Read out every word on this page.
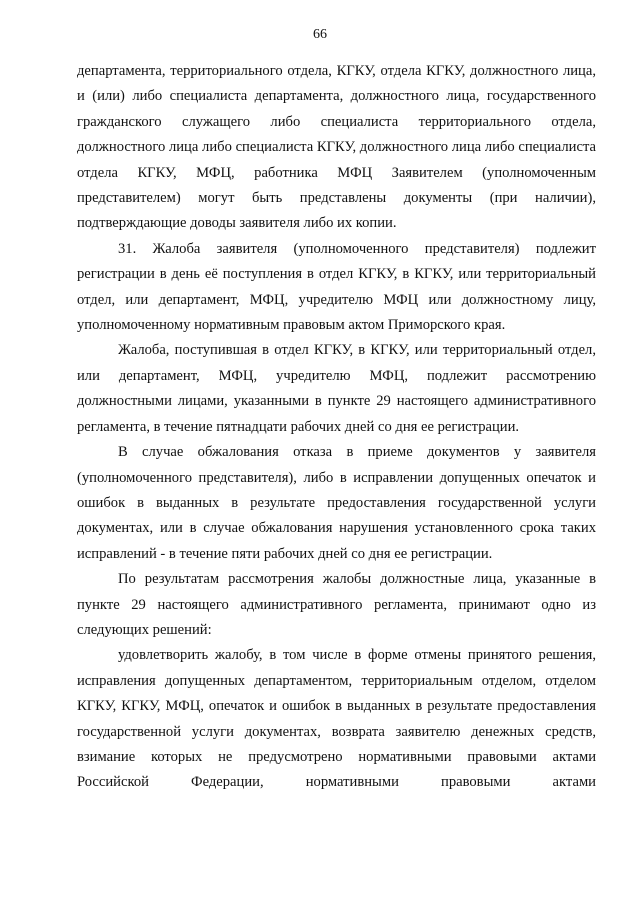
66

департамента, территориального отдела, КГКУ, отдела КГКУ, должностного лица, и (или) либо специалиста департамента, должностного лица, государственного гражданского служащего либо специалиста территориального отдела, должностного лица либо специалиста КГКУ, должностного лица либо специалиста отдела КГКУ, МФЦ, работника МФЦ Заявителем (уполномоченным представителем) могут быть представлены документы (при наличии), подтверждающие доводы заявителя либо их копии.

31. Жалоба заявителя (уполномоченного представителя) подлежит регистрации в день её поступления в отдел КГКУ, в КГКУ, или территориальный отдел, или департамент, МФЦ, учредителю МФЦ или должностному лицу, уполномоченному нормативным правовым актом Приморского края.

Жалоба, поступившая в отдел КГКУ, в КГКУ, или территориальный отдел, или департамент, МФЦ, учредителю МФЦ, подлежит рассмотрению должностными лицами, указанными в пункте 29 настоящего административного регламента, в течение пятнадцати рабочих дней со дня ее регистрации.

В случае обжалования отказа в приеме документов у заявителя (уполномоченного представителя), либо в исправлении допущенных опечаток и ошибок в выданных в результате предоставления государственной услуги документах, или в случае обжалования нарушения установленного срока таких исправлений - в течение пяти рабочих дней со дня ее регистрации.

По результатам рассмотрения жалобы должностные лица, указанные в пункте 29 настоящего административного регламента, принимают одно из следующих решений:

удовлетворить жалобу, в том числе в форме отмены принятого решения, исправления допущенных департаментом, территориальным отделом, отделом КГКУ, КГКУ, МФЦ, опечаток и ошибок в выданных в результате предоставления государственной услуги документах, возврата заявителю денежных средств, взимание которых не предусмотрено нормативными правовыми актами Российской Федерации, нормативными правовыми актами
